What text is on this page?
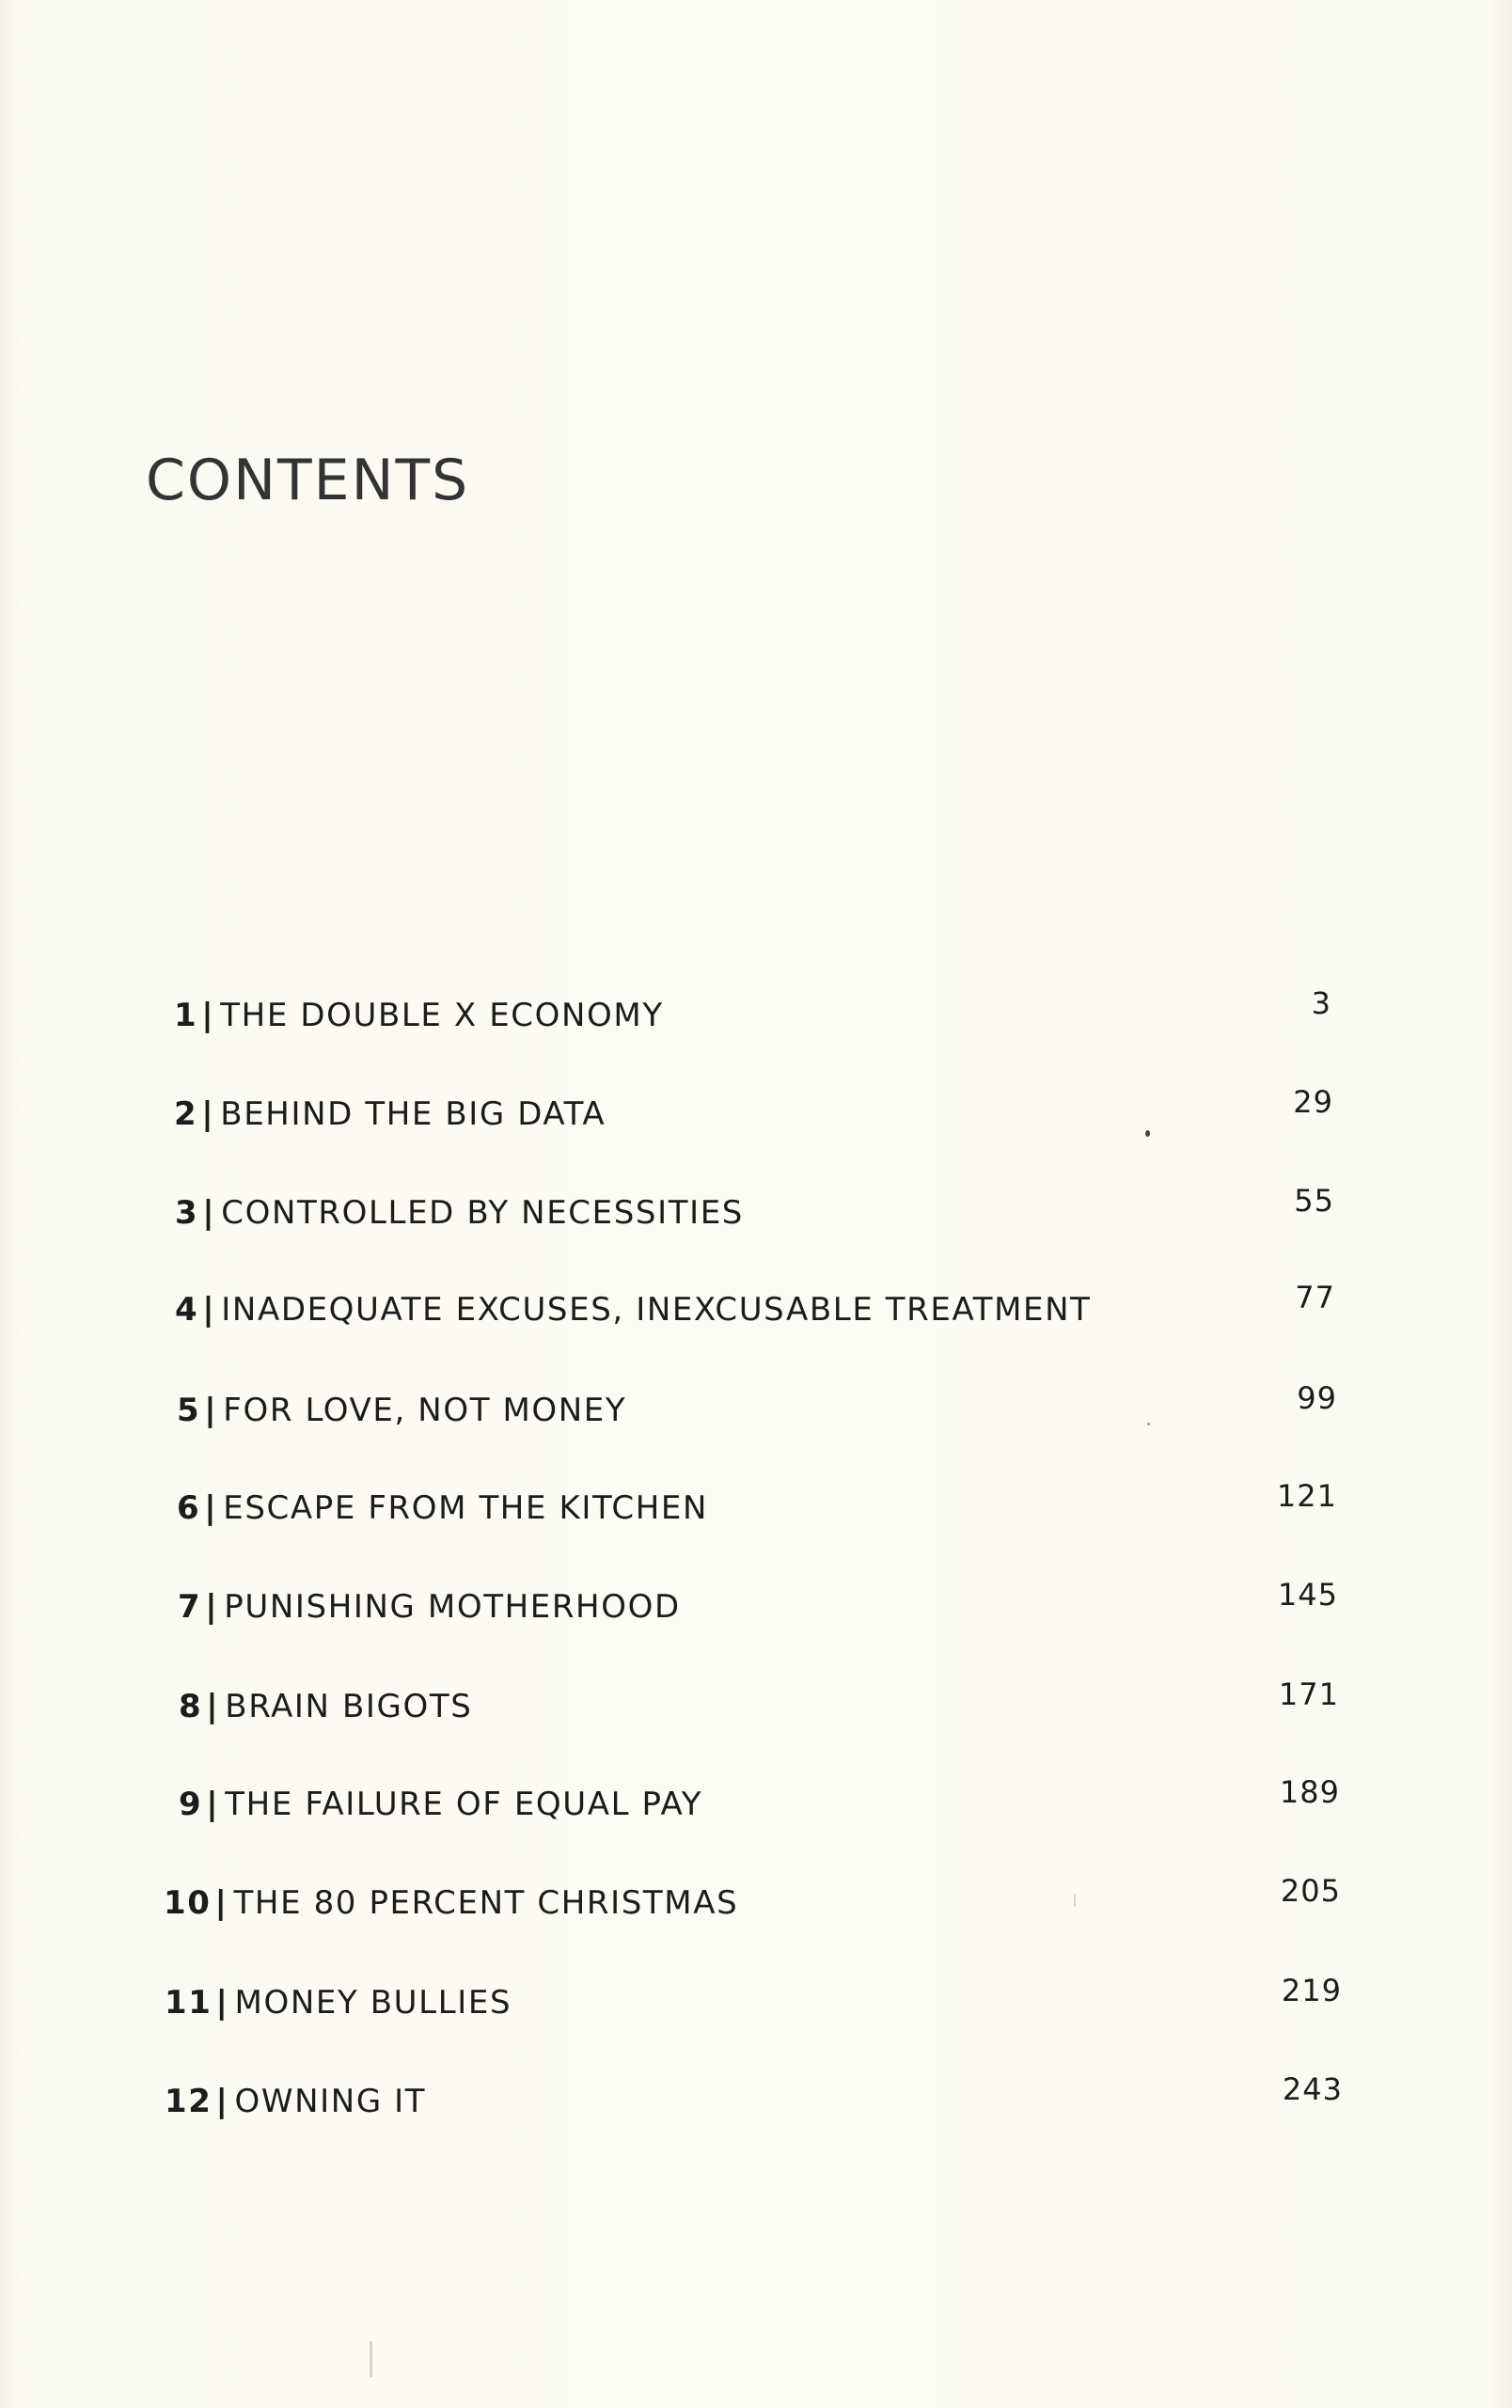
CONTENTS
1 | THE DOUBLE X ECONOMY	3
2 | BEHIND THE BIG DATA	29
3 | CONTROLLED BY NECESSITIES	55
4 | INADEQUATE EXCUSES, INEXCUSABLE TREATMENT	77
5 | FOR LOVE, NOT MONEY	99
6 | ESCAPE FROM THE KITCHEN	121
7 | PUNISHING MOTHERHOOD	145
8 | BRAIN BIGOTS	171
9 | THE FAILURE OF EQUAL PAY	189
10 | THE 80 PERCENT CHRISTMAS	205
11 | MONEY BULLIES	219
12 | OWNING IT	243
